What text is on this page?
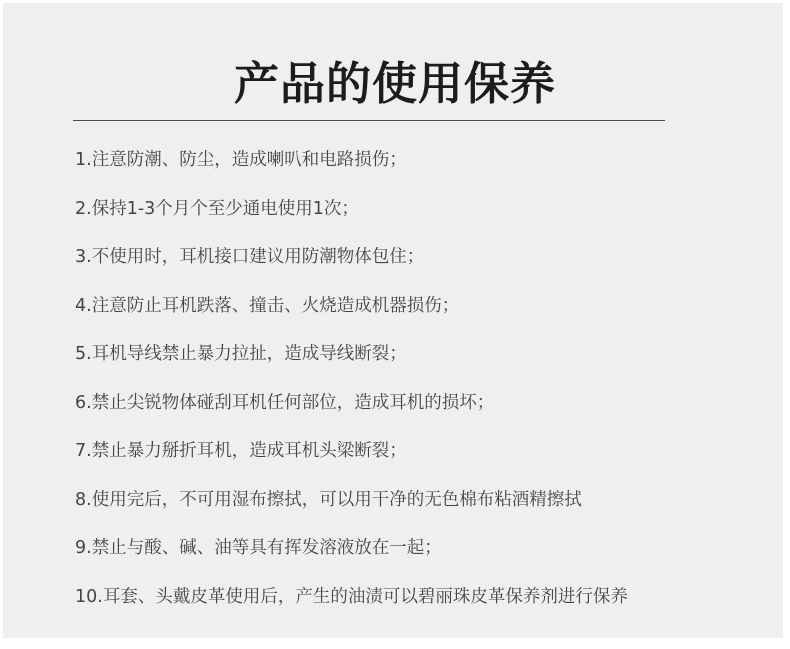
产品的使用保养
1.注意防潮、防尘，造成喇叭和电路损伤；
2.保持1-3个月个至少通电使用1次；
3.不使用时，耳机接口建议用防潮物体包住；
4.注意防止耳机跌落、撞击、火烧造成机器损伤；
5.耳机导线禁止暴力拉扯，造成导线断裂；
6.禁止尖锐物体碰刮耳机任何部位，造成耳机的损坏；
7.禁止暴力掰折耳机，造成耳机头梁断裂；
8.使用完后，不可用湿布擦拭，可以用干净的无色棉布粘酒精擦拭
9.禁止与酸、碱、油等具有挥发溶液放在一起；
10.耳套、头戴皮革使用后，产生的油渍可以碧丽珠皮革保养剂进行保养
